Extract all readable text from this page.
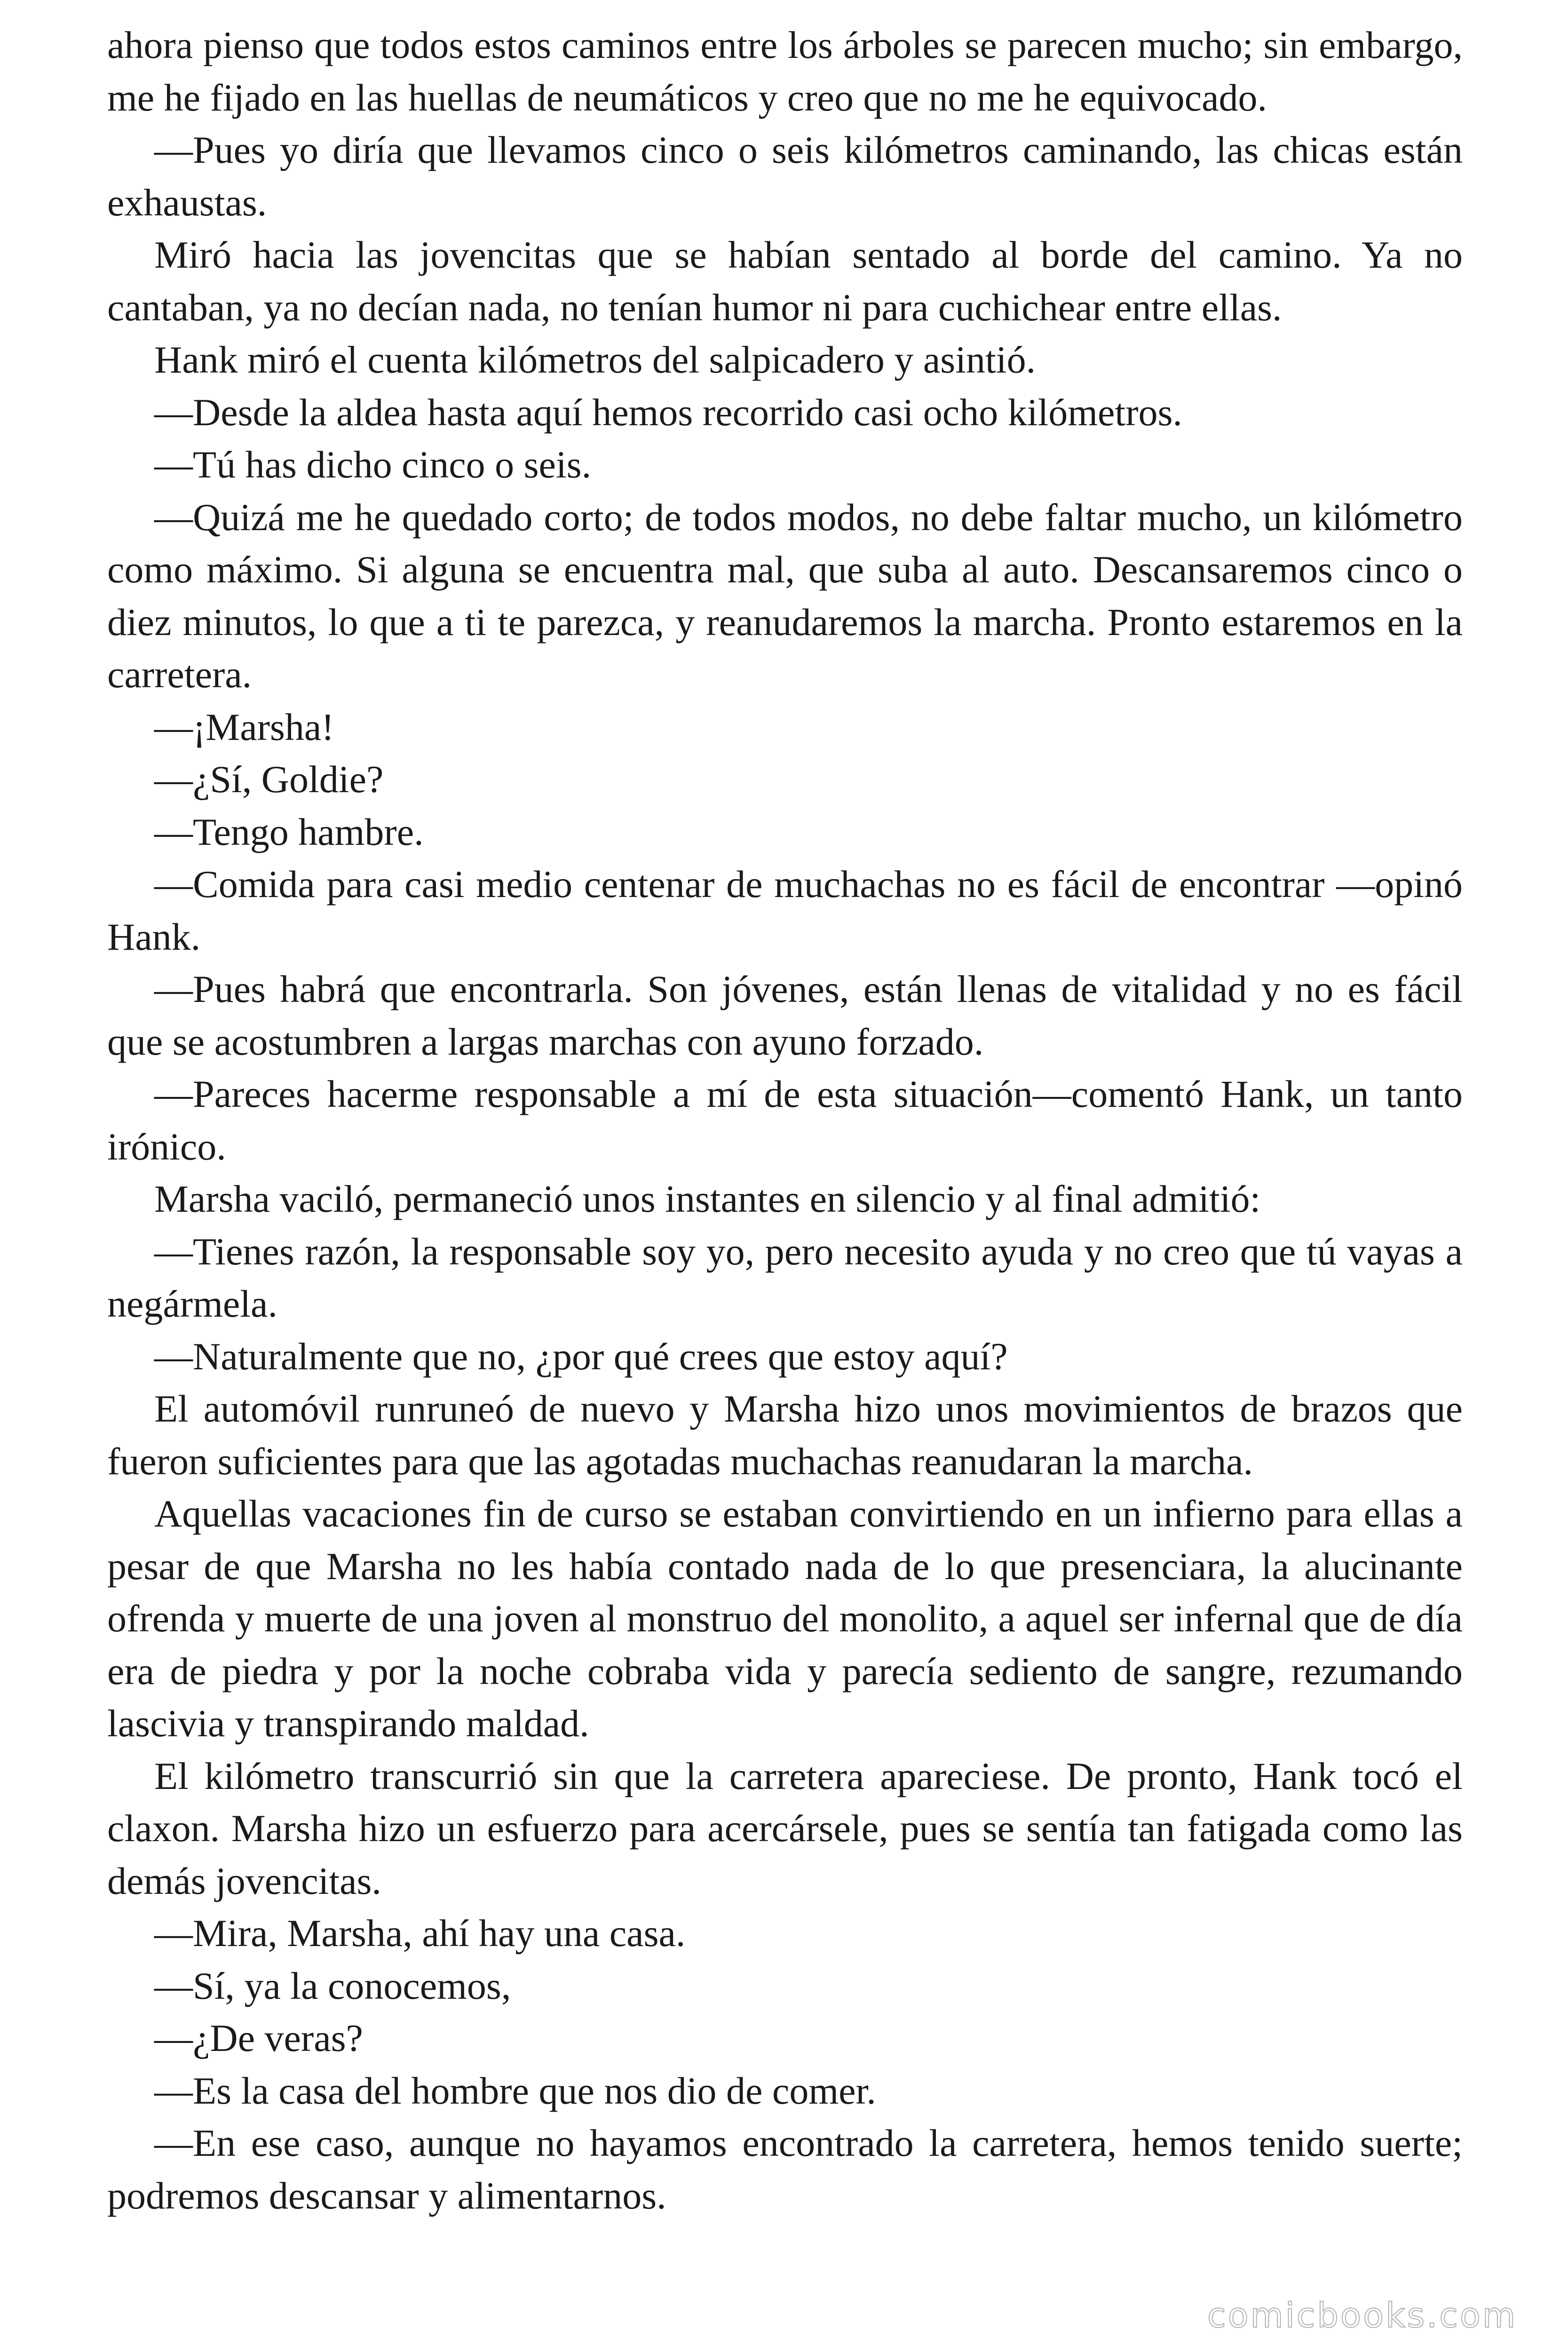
ahora pienso que todos estos caminos entre los árboles se parecen mucho; sin embargo, me he fijado en las huellas de neumáticos y creo que no me he equivocado.

—Pues yo diría que llevamos cinco o seis kilómetros caminando, las chicas están exhaustas.

Miró hacia las jovencitas que se habían sentado al borde del camino. Ya no cantaban, ya no decían nada, no tenían humor ni para cuchichear entre ellas.

Hank miró el cuenta kilómetros del salpicadero y asintió.

—Desde la aldea hasta aquí hemos recorrido casi ocho kilómetros.

—Tú has dicho cinco o seis.

—Quizá me he quedado corto; de todos modos, no debe faltar mucho, un kilómetro como máximo. Si alguna se encuentra mal, que suba al auto. Descansaremos cinco o diez minutos, lo que a ti te parezca, y reanudaremos la marcha. Pronto estaremos en la carretera.

—¡Marsha!

—¿Sí, Goldie?

—Tengo hambre.

—Comida para casi medio centenar de muchachas no es fácil de encontrar —opinó Hank.

—Pues habrá que encontrarla. Son jóvenes, están llenas de vitalidad y no es fácil que se acostumbren a largas marchas con ayuno forzado.

—Pareces hacerme responsable a mí de esta situación—comentó Hank, un tanto irónico.

Marsha vaciló, permaneció unos instantes en silencio y al final admitió:

—Tienes razón, la responsable soy yo, pero necesito ayuda y no creo que tú vayas a negármela.

—Naturalmente que no, ¿por qué crees que estoy aquí?

El automóvil runruneó de nuevo y Marsha hizo unos movimientos de brazos que fueron suficientes para que las agotadas muchachas reanudaran la marcha.

Aquellas vacaciones fin de curso se estaban convirtiendo en un infierno para ellas a pesar de que Marsha no les había contado nada de lo que presenciara, la alucinante ofrenda y muerte de una joven al monstruo del monolito, a aquel ser infernal que de día era de piedra y por la noche cobraba vida y parecía sediento de sangre, rezumando lascivia y transpirando maldad.

El kilómetro transcurrió sin que la carretera apareciese. De pronto, Hank tocó el claxon. Marsha hizo un esfuerzo para acercársele, pues se sentía tan fatigada como las demás jovencitas.

—Mira, Marsha, ahí hay una casa.

—Sí, ya la conocemos,

—¿De veras?

—Es la casa del hombre que nos dio de comer.

—En ese caso, aunque no hayamos encontrado la carretera, hemos tenido suerte; podremos descansar y alimentarnos.

comicbooks.com
